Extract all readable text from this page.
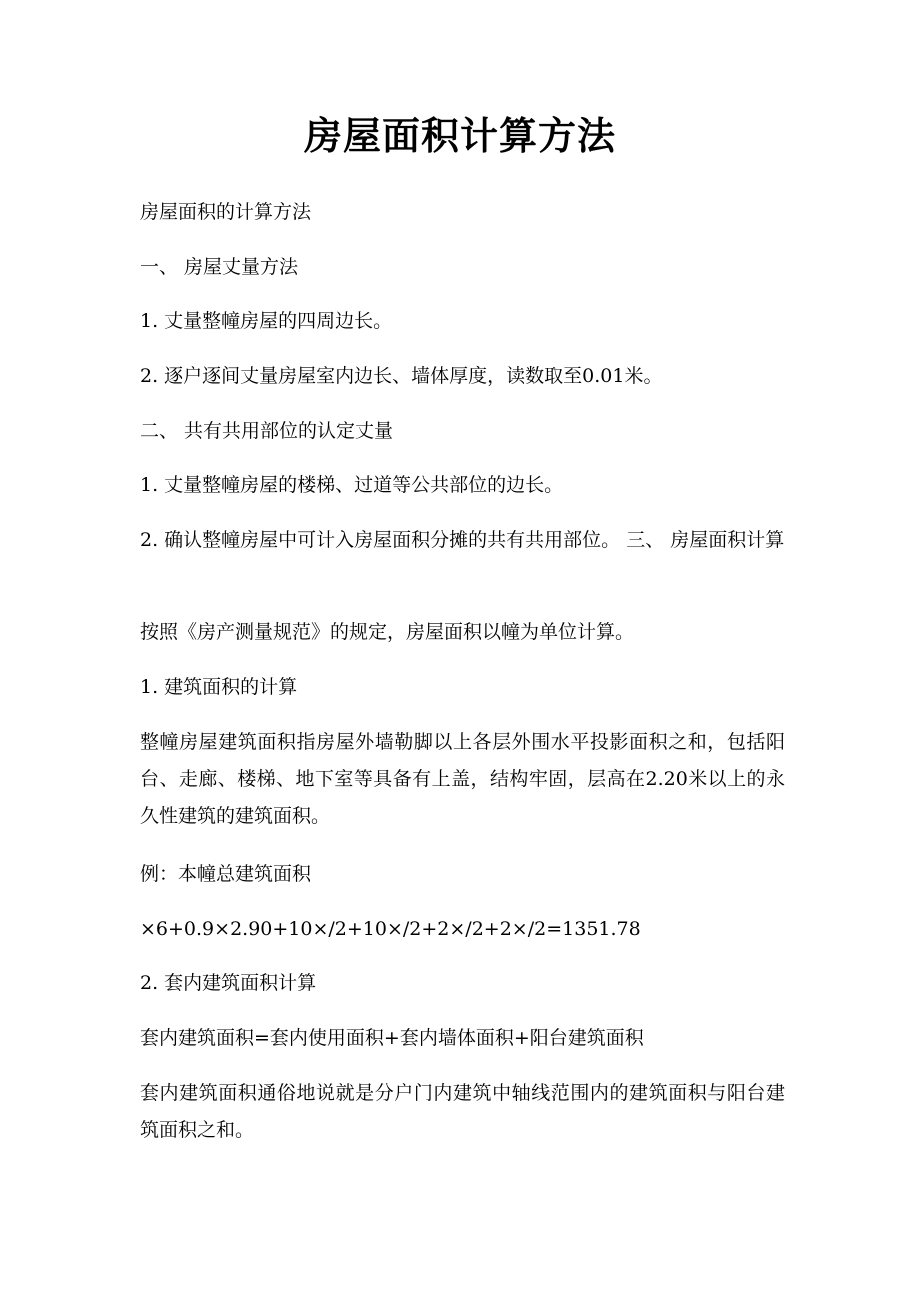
房屋面积计算方法
房屋面积的计算方法
一、 房屋丈量方法
1. 丈量整幢房屋的四周边长。
2. 逐户逐间丈量房屋室内边长、墙体厚度，读数取至0.01米。
二、 共有共用部位的认定丈量
1. 丈量整幢房屋的楼梯、过道等公共部位的边长。
2. 确认整幢房屋中可计入房屋面积分摊的共有共用部位。 三、 房屋面积计算
按照《房产测量规范》的规定，房屋面积以幢为单位计算。
1. 建筑面积的计算
整幢房屋建筑面积指房屋外墙勒脚以上各层外围水平投影面积之和，包括阳台、走廊、楼梯、地下室等具备有上盖，结构牢固，层高在2.20米以上的永久性建筑的建筑面积。
例：本幢总建筑面积
×6+0.9×2.90+10×/2+10×/2+2×/2+2×/2=1351.78
2. 套内建筑面积计算
套内建筑面积=套内使用面积+套内墙体面积+阳台建筑面积
套内建筑面积通俗地说就是分户门内建筑中轴线范围内的建筑面积与阳台建筑面积之和。
